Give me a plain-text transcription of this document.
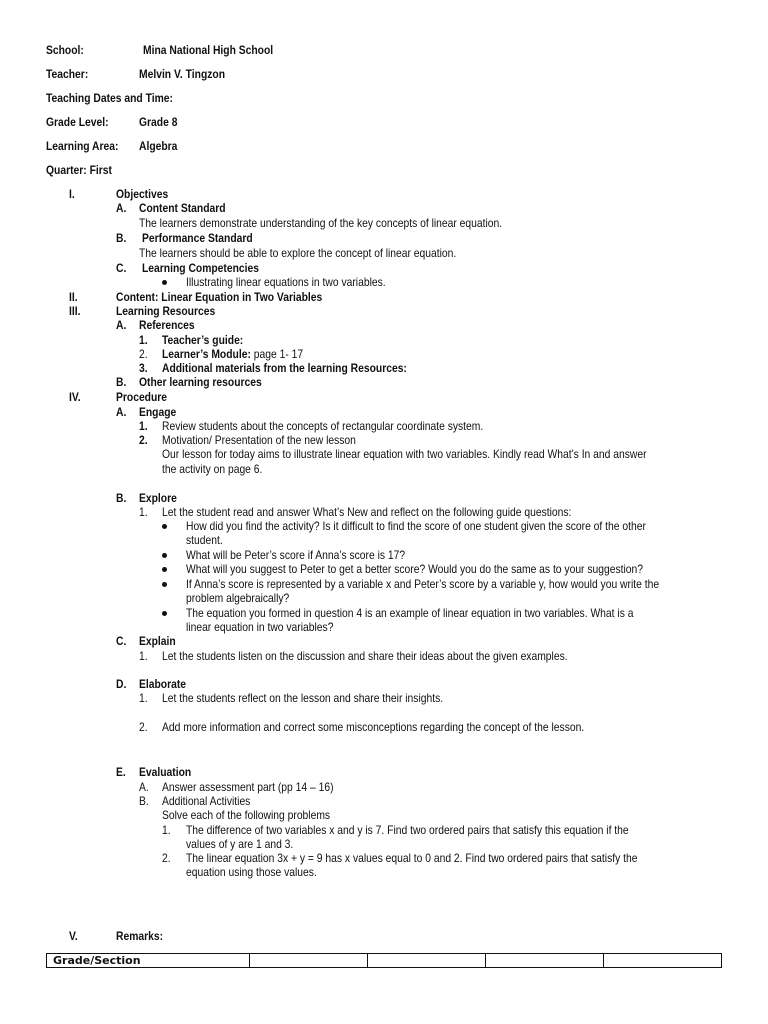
School:	Mina National High School
Teacher:	Melvin V. Tingzon
Teaching Dates and Time:
Grade Level:	Grade 8
Learning Area: Algebra
Quarter: First
I.	Objectives
A. Content Standard
The learners demonstrate understanding of the key concepts of linear equation.
B. Performance Standard
The learners should be able to explore the concept of linear equation.
C. Learning Competencies
Illustrating linear equations in two variables.
II.	Content: Linear Equation in Two Variables
III.	Learning Resources
A. References
1. Teacher’s guide:
2. Learner’s Module: page 1- 17
3. Additional materials from the learning Resources:
B. Other learning resources
IV.	Procedure
A. Engage
1. Review students about the concepts of rectangular coordinate system.
2. Motivation/ Presentation of the new lesson
Our lesson for today aims to illustrate linear equation with two variables. Kindly read What’s In and answer
the activity on page 6.
B. Explore
1. Let the student read and answer What’s New and reflect on the following guide questions:
How did you find the activity? Is it difficult to find the score of one student given the score of the other
student.
What will be Peter’s score if Anna’s score is 17?
What will you suggest to Peter to get a better score? Would you do the same as to your suggestion?
If Anna’s score is represented by a variable x and Peter’s score by a variable y, how would you write the
problem algebraically?
The equation you formed in question 4 is an example of linear equation in two variables. What is a
linear equation in two variables?
C. Explain
1. Let the students listen on the discussion and share their ideas about the given examples.
D. Elaborate
1. Let the students reflect on the lesson and share their insights.
2. Add more information and correct some misconceptions regarding the concept of the lesson.
E. Evaluation
A. Answer assessment part (pp 14 – 16)
B. Additional Activities
Solve each of the following problems
1. The difference of two variables x and y is 7. Find two ordered pairs that satisfy this equation if the
values of y are 1 and 3.
2. The linear equation 3x + y = 9 has x values equal to 0 and 2. Find two ordered pairs that satisfy the
equation using those values.
V.	Remarks:
Grade/Section				
